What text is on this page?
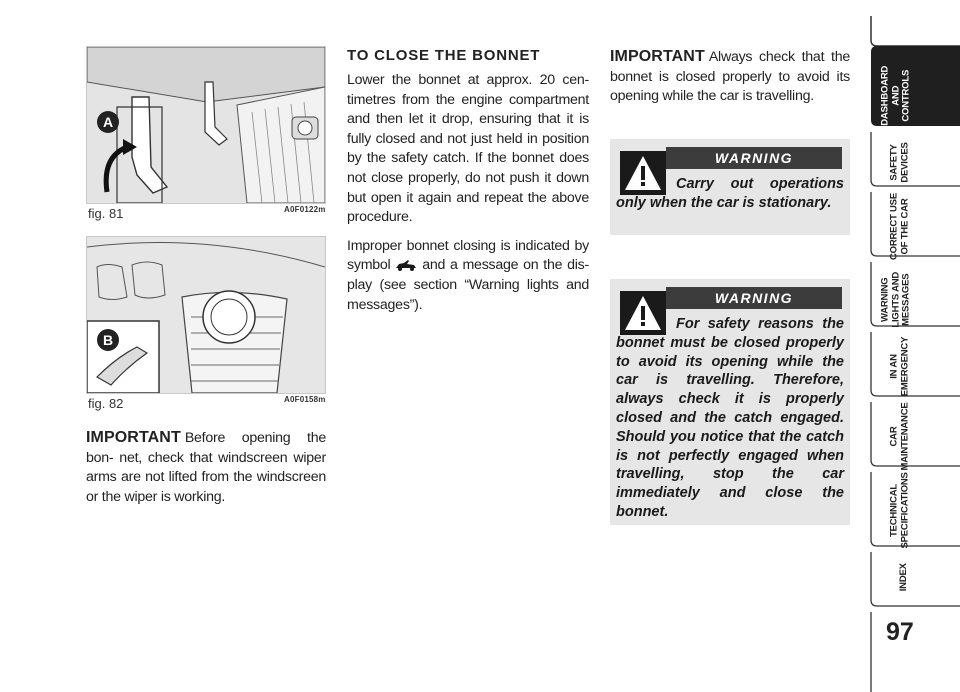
A
fig. 81	A0F0122m
B
fig. 82	A0F0158m
IMPORTANT Before opening the bon- net, check that windscreen wiper arms are not lifted from the windscreen or the wiper is working.
TO CLOSE THE BONNET

Lower the bonnet at approx. 20 cen- timetres from the engine compartment and then let it drop, ensuring that it is fully closed and not just held in position by the safety catch. If the bonnet does not close properly, do not push it down but open it again and repeat the above procedure.

Improper bonnet closing is indicated by symbol and a message on the dis- play (see section “Warning lights and messages”).

IMPORTANT Always check that the bonnet is closed properly to avoid its opening while the car is travelling.
WARNING
Carry out operations only when the car is stationary.
WARNING
For safety reasons the bonnet must be closed properly to avoid its opening while the car is travelling. Therefore, always check it is properly closed and the catch engaged. Should you notice that the catch is not perfectly engaged when travelling, stop the car immediately and close the bonnet.
DASHBOARD
AND
CONTROLS
SAFETY
DEVICES
CORRECT USE
OF THE CAR
WARNING
LIGHTS AND
MESSAGES
IN AN
EMERGENCY
CAR
MAINTENANCE
TECHNICAL
SPECIFICATIONS
INDEX
97
